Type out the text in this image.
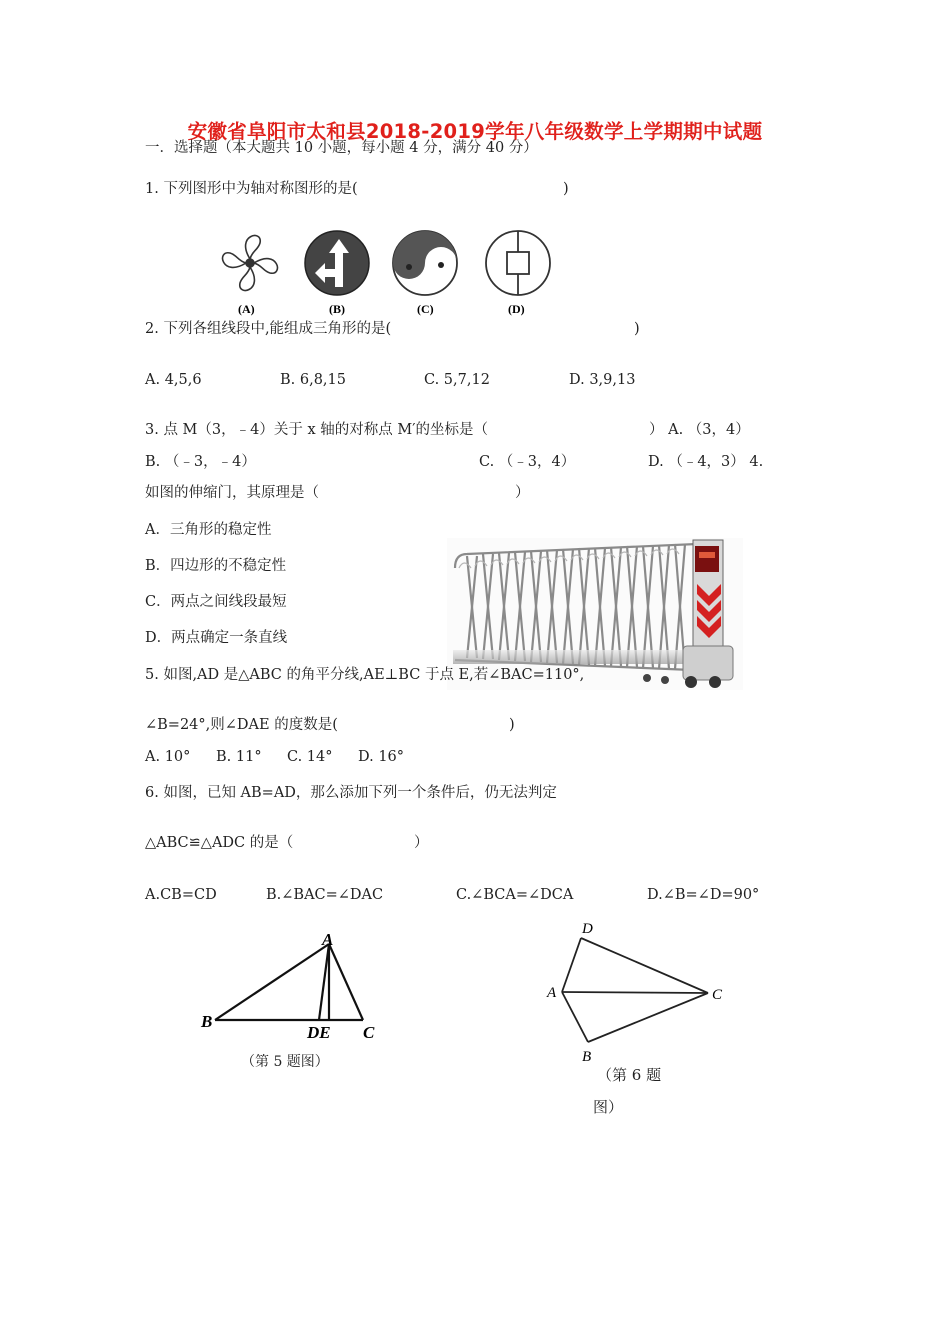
安徽省阜阳市太和县2018-2019学年八年级数学上学期期中试题
一．选择题（本大题共 10 小题，每小题 4 分，满分 40 分）
1. 下列图形中为轴对称图形的是(	)
(A)	(B)	(C)	(D)
2. 下列各组线段中,能组成三角形的是(	)
A. 4,5,6	B. 6,8,15	C. 5,7,12	D. 3,9,13
3. 点 M（3，﹣4）关于 x 轴的对称点 M′的坐标是（	） A. （3，4）
B. （﹣3，﹣4）	C. （﹣3，4）	D. （﹣4，3） 4.
如图的伸缩门，其原理是（	）
A．三角形的稳定性
B．四边形的不稳定性
C．两点之间线段最短
D．两点确定一条直线
5. 如图,AD 是△ABC 的角平分线,AE⊥BC 于点 E,若∠BAC=110°,
∠B=24°,则∠DAE 的度数是(	)
A. 10° B. 11° C. 14° D. 16°
6. 如图，已知 AB=AD，那么添加下列一个条件后，仍无法判定
△ABC≌△ADC 的是（	）
A.CB=CD	B.∠BAC=∠DAC	C.∠BCA=∠DCA	D.∠B=∠D=90°
A
B
DE C
（第 5 题图）
D
A
B
C
（第 6 题
图）
